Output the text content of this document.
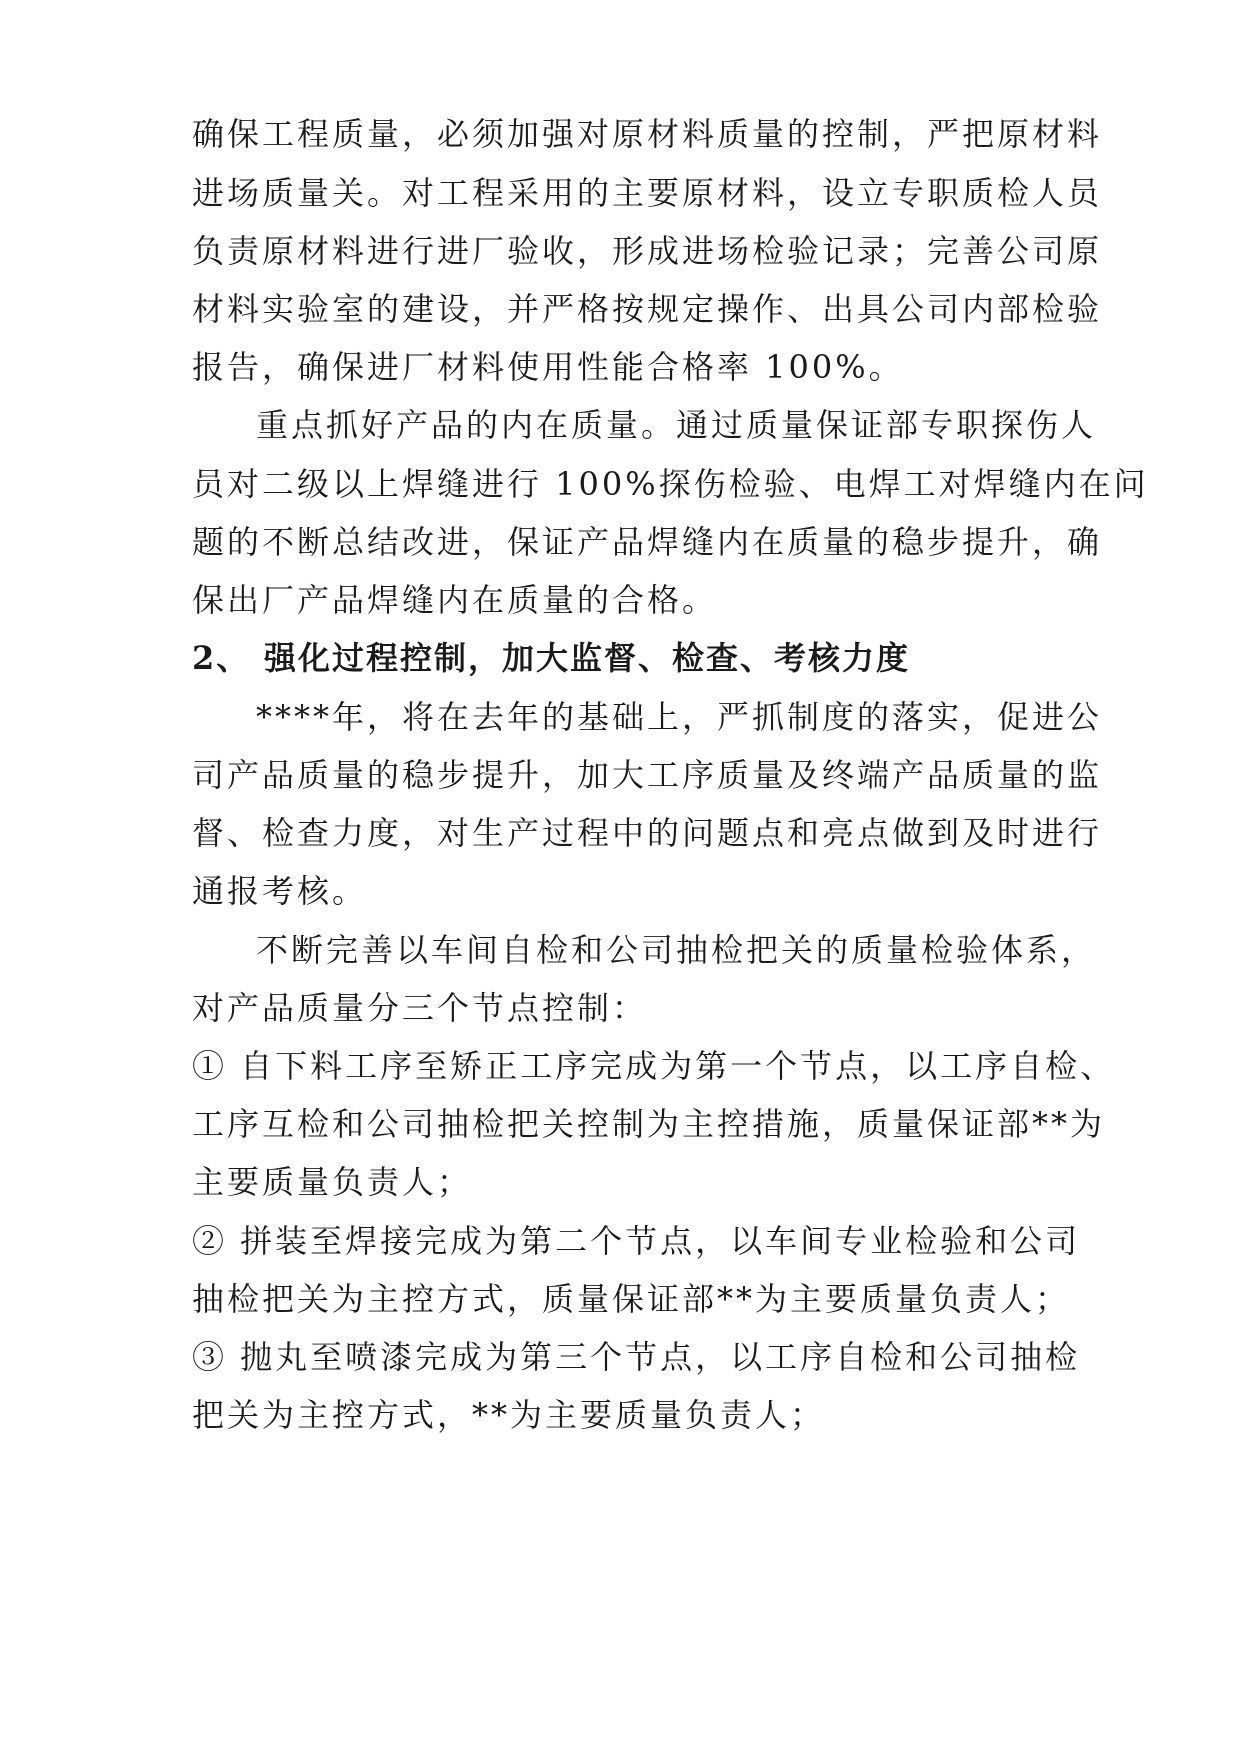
确保工程质量，必须加强对原材料质量的控制，严把原材料
进场质量关。对工程采用的主要原材料，设立专职质检人员
负责原材料进行进厂验收，形成进场检验记录；完善公司原
材料实验室的建设，并严格按规定操作、出具公司内部检验
报告，确保进厂材料使用性能合格率 100%。
重点抓好产品的内在质量。通过质量保证部专职探伤人
员对二级以上焊缝进行 100%探伤检验、电焊工对焊缝内在问
题的不断总结改进，保证产品焊缝内在质量的稳步提升，确
保出厂产品焊缝内在质量的合格。
2、 强化过程控制，加大监督、检查、考核力度
****年，将在去年的基础上，严抓制度的落实，促进公
司产品质量的稳步提升，加大工序质量及终端产品质量的监
督、检查力度，对生产过程中的问题点和亮点做到及时进行
通报考核。
不断完善以车间自检和公司抽检把关的质量检验体系，
对产品质量分三个节点控制：
① 自下料工序至矫正工序完成为第一个节点，以工序自检、
工序互检和公司抽检把关控制为主控措施，质量保证部**为
主要质量负责人；
② 拼装至焊接完成为第二个节点，以车间专业检验和公司
抽检把关为主控方式，质量保证部**为主要质量负责人；
③ 抛丸至喷漆完成为第三个节点，以工序自检和公司抽检
把关为主控方式，**为主要质量负责人；
